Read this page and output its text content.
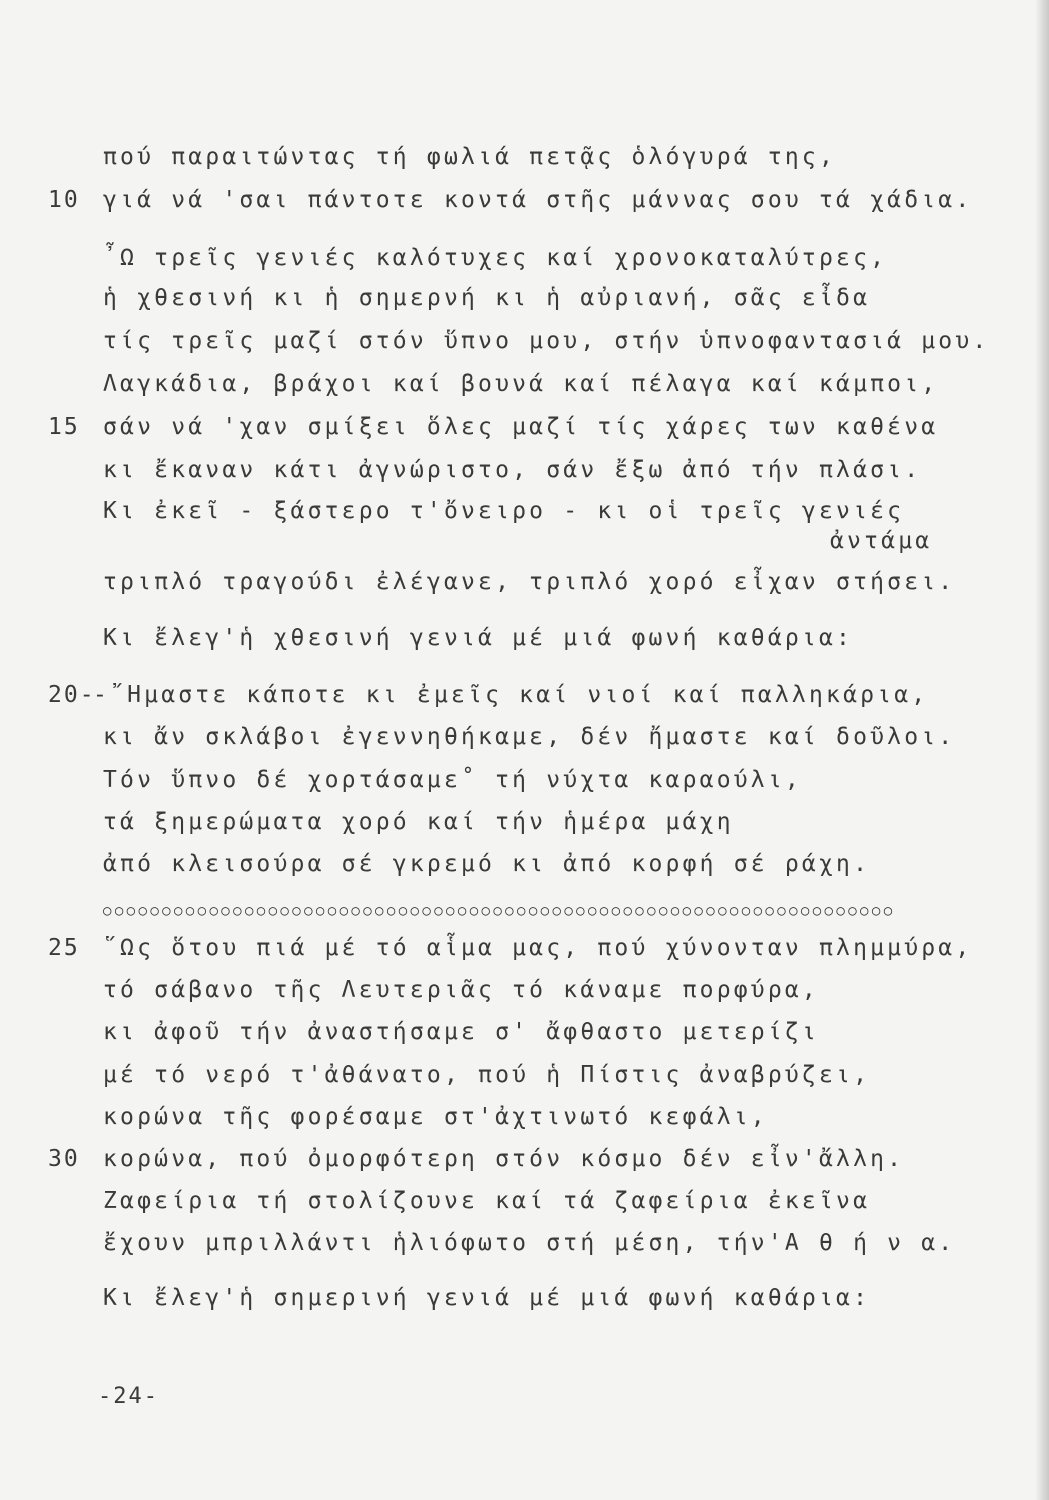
πού παραιτώντας τή φωλιά πετᾷς ὁλόγυρά της,
10 γιά νά 'σαι πάντοτε κοντά στῆς μάννας σου τά χάδια.
῏Ω τρεῖς γενιές καλότυχες καί χρονοκαταλύτρες,
ἡ χθεσινή κι ἡ σημερνή κι ἡ αὐριανή, σᾶς εἶδα
τίς τρεῖς μαζί στόν ὕπνο μου, στήν ὑπνοφαντασιά μου.
Λαγκάδια, βράχοι καί βουνά καί πέλαγα καί κάμποι,
15 σάν νά 'χαν σμίξει ὅλες μαζί τίς χάρες των καθένα
κι ἔκαναν κάτι ἀγνώριστο, σάν ἔξω ἀπό τήν πλάσι.
Κι ἐκεῖ - ξάστερο τ'ὄνειρο - κι οἱ τρεῖς γενιές
ἀντάμα
τριπλό τραγούδι ἐλέγανε, τριπλό χορό εἶχαν στήσει.
Κι ἔλεγ'ἡ χθεσινή γενιά μέ μιά φωνή καθάρια:
20-
-῎Ημαστε κάποτε κι ἐμεῖς καί νιοί καί παλληκάρια,
κι ἄν σκλάβοι ἐγεννηθήκαμε, δέν ἤμαστε καί δοῦλοι.
Τόν ὕπνο δέ χορτάσαμε˚ τή νύχτα καραούλι,
τά ξημερώματα χορό καί τήν ἡμέρα μάχη
ἀπό κλεισούρα σέ γκρεμό κι ἀπό κορφή σέ ράχη.
○○○○○○○○○○○○○○○○○○○○○○○○○○○○○○○○○○○○○○○○○○○○○○○○○○○○○○○○○○○○○○○○○○○
25 ῞Ως ὅτου πιά μέ τό αἷμα μας, πού χύνονταν πλημμύρα,
τό σάβανο τῆς Λευτεριᾶς τό κάναμε πορφύρα,
κι ἀφοῦ τήν ἀναστήσαμε σ' ἄφθαστο μετερίζι
μέ τό νερό τ'ἀθάνατο, πού ἡ Πίστις ἀναβρύζει,
κορώνα τῆς φορέσαμε στ'ἀχτινωτό κεφάλι,
30 κορώνα, πού ὀμορφότερη στόν κόσμο δέν εἶν'ἄλλη.
Ζαφείρια τή στολίζουνε καί τά ζαφείρια ἐκεῖνα
ἔχουν μπριλλάντι ἡλιόφωτο στή μέση, τήν'Α θ ή ν α.
Κι ἔλεγ'ἡ σημερινή γενιά μέ μιά φωνή καθάρια:
-24-
